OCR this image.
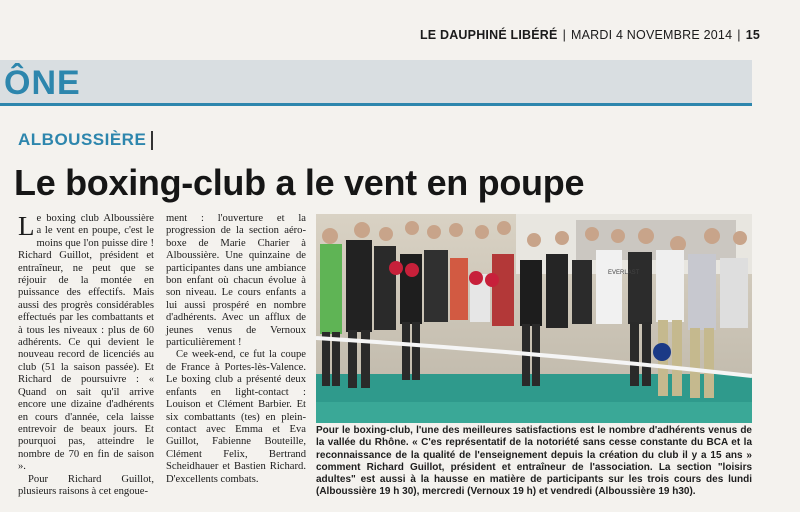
LE DAUPHINÉ LIBÉRÉ | MARDI 4 NOVEMBRE 2014 | 15
ÔNE
ALBOUSSIÈRE
Le boxing-club a le vent en poupe

Le boxing club Alboussière a le vent en poupe, c'est le moins que l'on puisse dire ! Richard Guillot, président et entraîneur, ne peut que se réjouir de la montée en puissance des effectifs. Mais aussi des progrès considérables effectués par les combattants et à tous les niveaux : plus de 60 adhérents. Ce qui devient le nouveau record de licenciés au club (51 la saison passée). Et Richard de poursuivre : « Quand on sait qu'il arrive encore une dizaine d'adhérents en cours d'année, cela laisse entrevoir de beaux jours. Et pourquoi pas, atteindre le nombre de 70 en fin de saison ».

Pour Richard Guillot, plusieurs raisons à cet engoue-

ment : l'ouverture et la progression de la section aéro-boxe de Marie Charier à Alboussière. Une quinzaine de participantes dans une ambiance bon enfant où chacun évolue à son niveau. Le cours enfants a lui aussi prospéré en nombre d'adhérents. Avec un afflux de jeunes venus de Vernoux particulièrement !

Ce week-end, ce fut la coupe de France à Portes-lès-Valence. Le boxing club a présenté deux enfants en light-contact : Louison et Clément Barbier. Et six combattants (tes) en plein-contact avec Emma et Eva Guillot, Fabienne Bouteille, Clément Felix, Bertrand Scheidhauer et Bastien Richard. D'excellents combats.

EVERLAST
Pour le boxing-club, l'une des meilleures satisfactions est le nombre d'adhérents venus de la vallée du Rhône. « C'es représentatif de la notoriété sans cesse constante du BCA et la reconnaissance de la qualité de l'enseignement depuis la création du club il y a 15 ans » comment Richard Guillot, président et entraîneur de l'association. La section "loisirs adultes" est aussi à la hausse en matière de participants sur les trois cours des lundi (Alboussière 19 h 30), mercredi (Vernoux 19 h) et vendredi (Alboussière 19 h30).
